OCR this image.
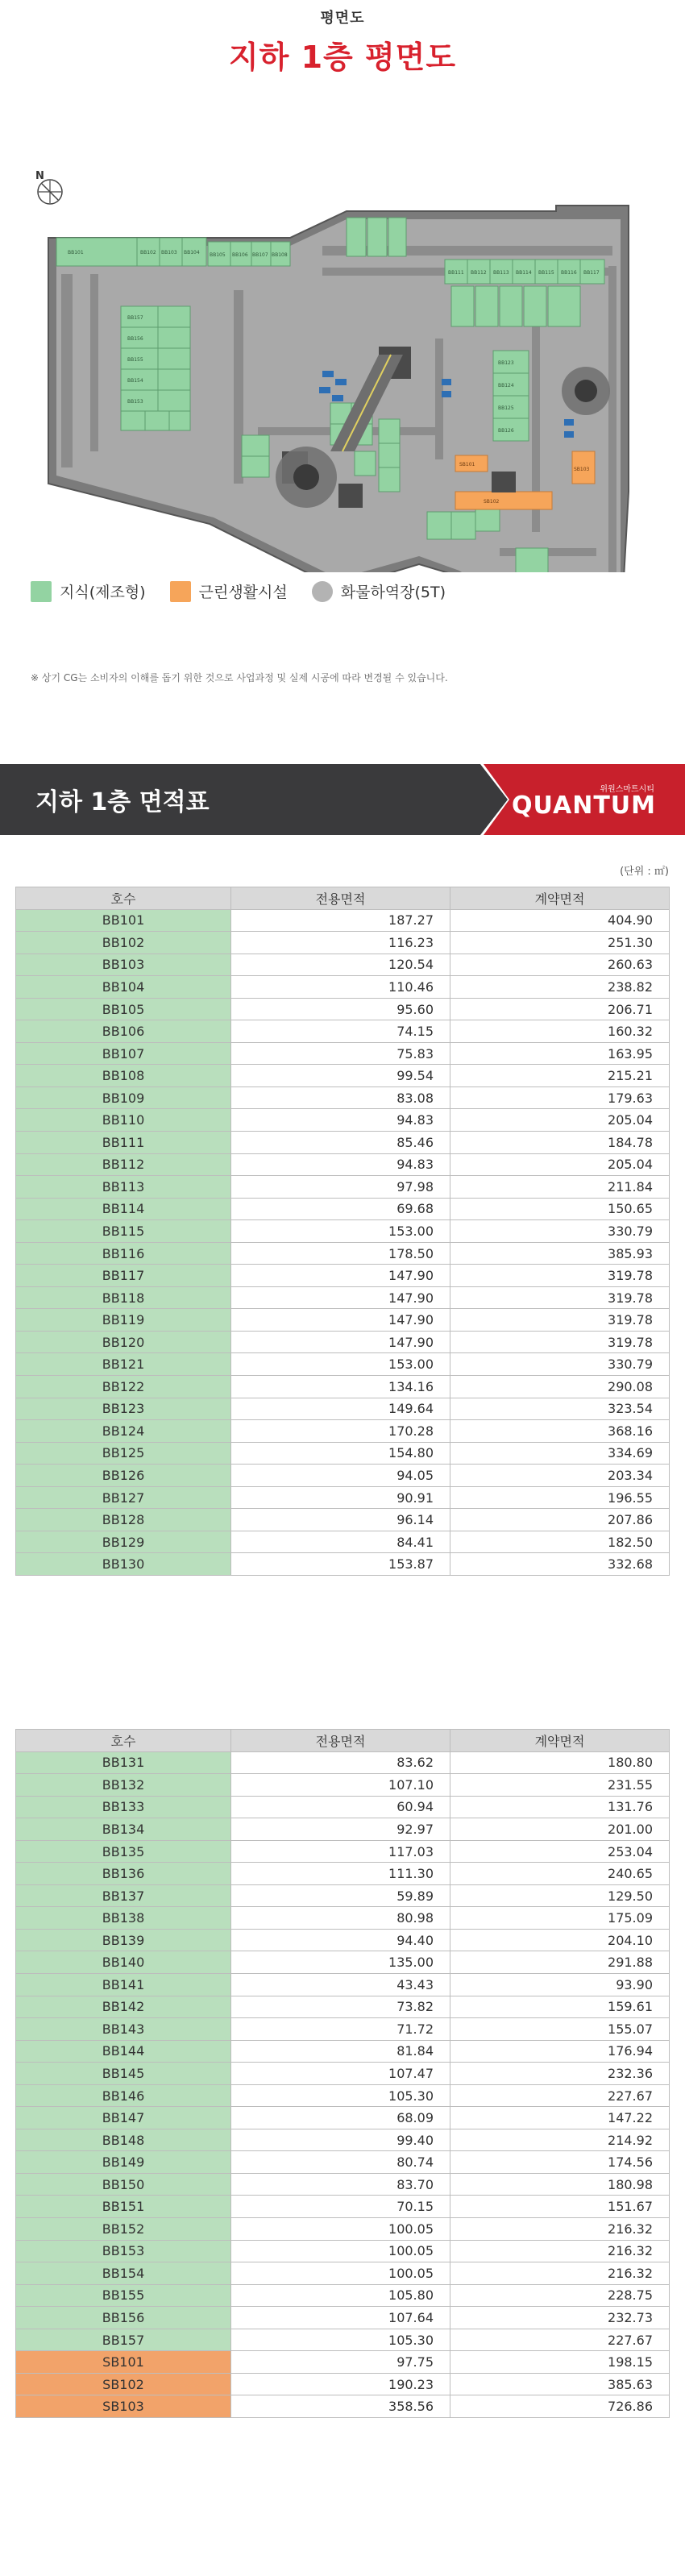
평면도
지하 1층 평면도
N
BB101	BB102 BB103 BB104 BB105 BB106 BB107 BB108
BB111 BB112 BB113 BB114 BB115 BB116 BB117
BB123
BB124
BB125
BB126
BB157
BB156
BB155
BB154
BB153
SB101
SB102
SB103
지식(제조형)	근린생활시설	화물하역장(5T)
※ 상기 CG는 소비자의 이해를 돕기 위한 것으로 사업과정 및 실제 시공에 따라 변경될 수 있습니다.
지하 1층 면적표	위원스마트시티
QUANTUM
(단위 : ㎡)
호수	전용면적	계약면적
BB101	187.27	404.90
BB102	116.23	251.30
BB103	120.54	260.63
BB104	110.46	238.82
BB105	95.60	206.71
BB106	74.15	160.32
BB107	75.83	163.95
BB108	99.54	215.21
BB109	83.08	179.63
BB110	94.83	205.04
BB111	85.46	184.78
BB112	94.83	205.04
BB113	97.98	211.84
BB114	69.68	150.65
BB115	153.00	330.79
BB116	178.50	385.93
BB117	147.90	319.78
BB118	147.90	319.78
BB119	147.90	319.78
BB120	147.90	319.78
BB121	153.00	330.79
BB122	134.16	290.08
BB123	149.64	323.54
BB124	170.28	368.16
BB125	154.80	334.69
BB126	94.05	203.34
BB127	90.91	196.55
BB128	96.14	207.86
BB129	84.41	182.50
BB130	153.87	332.68
호수	전용면적	계약면적
BB131	83.62	180.80
BB132	107.10	231.55
BB133	60.94	131.76
BB134	92.97	201.00
BB135	117.03	253.04
BB136	111.30	240.65
BB137	59.89	129.50
BB138	80.98	175.09
BB139	94.40	204.10
BB140	135.00	291.88
BB141	43.43	93.90
BB142	73.82	159.61
BB143	71.72	155.07
BB144	81.84	176.94
BB145	107.47	232.36
BB146	105.30	227.67
BB147	68.09	147.22
BB148	99.40	214.92
BB149	80.74	174.56
BB150	83.70	180.98
BB151	70.15	151.67
BB152	100.05	216.32
BB153	100.05	216.32
BB154	100.05	216.32
BB155	105.80	228.75
BB156	107.64	232.73
BB157	105.30	227.67
SB101	97.75	198.15
SB102	190.23	385.63
SB103	358.56	726.86
